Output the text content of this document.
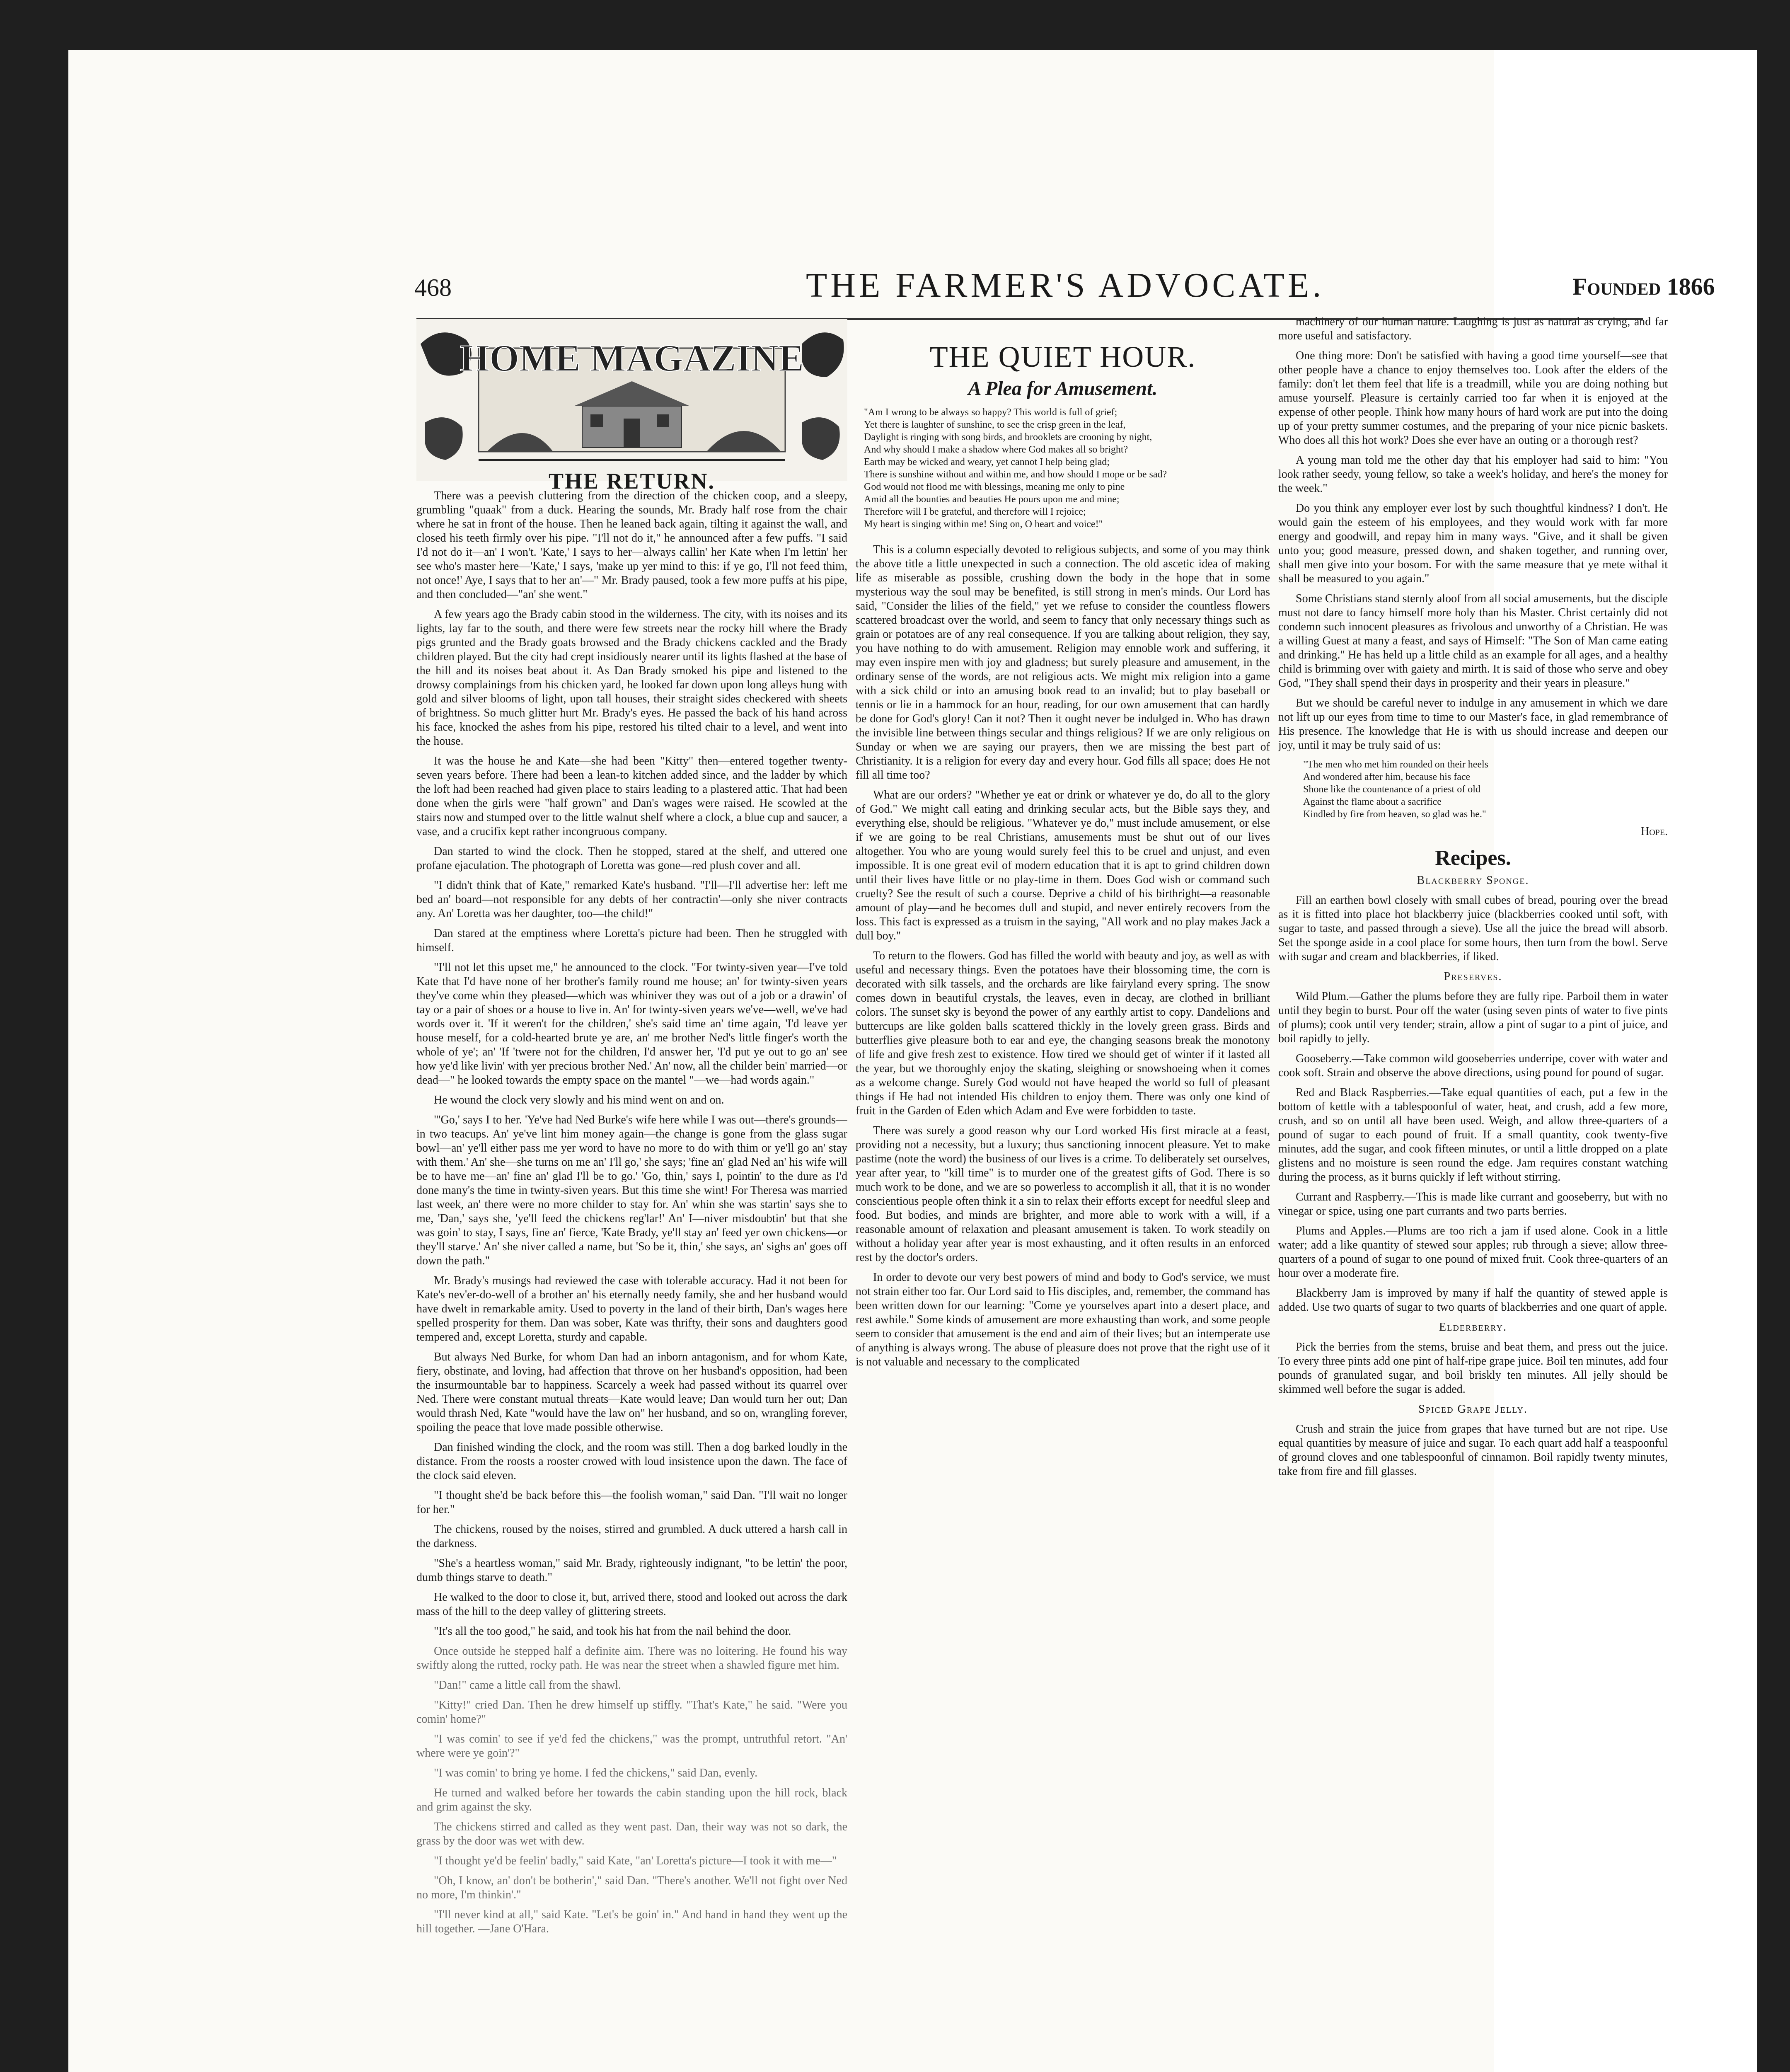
468	THE FARMER'S ADVOCATE.	Founded 1866
HOME MAGAZINE
THE RETURN.

There was a peevish cluttering from the direction of the chicken coop, and a sleepy, grumbling "quaak" from a duck. Hearing the sounds, Mr. Brady half rose from the chair where he sat in front of the house. Then he leaned back again, tilting it against the wall, and closed his teeth firmly over his pipe. "I'll not do it," he announced after a few puffs. "I said I'd not do it—an' I won't. 'Kate,' I says to her—always callin' her Kate when I'm lettin' her see who's master here—'Kate,' I says, 'make up yer mind to this: if ye go, I'll not feed thim, not once!' Aye, I says that to her an'—" Mr. Brady paused, took a few more puffs at his pipe, and then concluded—"an' she went."

A few years ago the Brady cabin stood in the wilderness. The city, with its noises and its lights, lay far to the south, and there were few streets near the rocky hill where the Brady pigs grunted and the Brady goats browsed and the Brady chickens cackled and the Brady children played. But the city had crept insidiously nearer until its lights flashed at the base of the hill and its noises beat about it. As Dan Brady smoked his pipe and listened to the drowsy complainings from his chicken yard, he looked far down upon long alleys hung with gold and silver blooms of light, upon tall houses, their straight sides checkered with sheets of brightness. So much glitter hurt Mr. Brady's eyes. He passed the back of his hand across his face, knocked the ashes from his pipe, restored his tilted chair to a level, and went into the house.

It was the house he and Kate—she had been "Kitty" then—entered together twenty-seven years before. There had been a lean-to kitchen added since, and the ladder by which the loft had been reached had given place to stairs leading to a plastered attic. That had been done when the girls were "half grown" and Dan's wages were raised. He scowled at the stairs now and stumped over to the little walnut shelf where a clock, a blue cup and saucer, a vase, and a crucifix kept rather incongruous company.

Dan started to wind the clock. Then he stopped, stared at the shelf, and uttered one profane ejaculation. The photograph of Loretta was gone—red plush cover and all.

"I didn't think that of Kate," remarked Kate's husband. "I'll—I'll advertise her: left me bed an' board—not responsible for any debts of her contractin'—only she niver contracts any. An' Loretta was her daughter, too—the child!"

Dan stared at the emptiness where Loretta's picture had been. Then he struggled with himself.

"I'll not let this upset me," he announced to the clock. "For twinty-siven year—I've told Kate that I'd have none of her brother's family round me house; an' for twinty-siven years they've come whin they pleased—which was whiniver they was out of a job or a drawin' of tay or a pair of shoes or a house to live in. An' for twinty-siven years we've—well, we've had words over it. 'If it weren't for the children,' she's said time an' time again, 'I'd leave yer house meself, for a cold-hearted brute ye are, an' me brother Ned's little finger's worth the whole of ye'; an' 'If 'twere not for the children, I'd answer her, 'I'd put ye out to go an' see how ye'd like livin' with yer precious brother Ned.' An' now, all the childer bein' married—or dead—" he looked towards the empty space on the mantel "—we—had words again."

He wound the clock very slowly and his mind went on and on.

"'Go,' says I to her. 'Ye've had Ned Burke's wife here while I was out—there's grounds—in two teacups. An' ye've lint him money again—the change is gone from the glass sugar bowl—an' ye'll either pass me yer word to have no more to do with thim or ye'll go an' stay with them.' An' she—she turns on me an' I'll go,' she says; 'fine an' glad Ned an' his wife will be to have me—an' fine an' glad I'll be to go.' 'Go, thin,' says I, pointin' to the dure as I'd done many's the time in twinty-siven years. But this time she wint! For Theresa was married last week, an' there were no more childer to stay for. An' whin she was startin' says she to me, 'Dan,' says she, 'ye'll feed the chickens reg'lar!' An' I—niver misdoubtin' but that she was goin' to stay, I says, fine an' fierce, 'Kate Brady, ye'll stay an' feed yer own chickens—or they'll starve.' An' she niver called a name, but 'So be it, thin,' she says, an' sighs an' goes off down the path."

Mr. Brady's musings had reviewed the case with tolerable accuracy. Had it not been for Kate's nev'er-do-well of a brother an' his eternally needy family, she and her husband would have dwelt in remarkable amity. Used to poverty in the land of their birth, Dan's wages here spelled prosperity for them. Dan was sober, Kate was thrifty, their sons and daughters good tempered and, except Loretta, sturdy and capable.

But always Ned Burke, for whom Dan had an inborn antagonism, and for whom Kate, fiery, obstinate, and loving, had affection that throve on her husband's opposition, had been the insurmountable bar to happiness. Scarcely a week had passed without its quarrel over Ned. There were constant mutual threats—Kate would leave; Dan would turn her out; Dan would thrash Ned, Kate "would have the law on" her husband, and so on, wrangling forever, spoiling the peace that love made possible otherwise.

Dan finished winding the clock, and the room was still. Then a dog barked loudly in the distance. From the roosts a rooster crowed with loud insistence upon the dawn. The face of the clock said eleven.

"I thought she'd be back before this—the foolish woman," said Dan. "I'll wait no longer for her."

The chickens, roused by the noises, stirred and grumbled. A duck uttered a harsh call in the darkness.

"She's a heartless woman," said Mr. Brady, righteously indignant, "to be lettin' the poor, dumb things starve to death."

He walked to the door to close it, but, arrived there, stood and looked out across the dark mass of the hill to the deep valley of glittering streets.

"It's all the too good," he said, and took his hat from the nail behind the door.

Once outside he stepped half a definite aim. There was no loitering. He found his way swiftly along the rutted, rocky path. He was near the street when a shawled figure met him.

"Dan!" came a little call from the shawl.

"Kitty!" cried Dan. Then he drew himself up stiffly. "That's Kate," he said. "Were you comin' home?"

"I was comin' to see if ye'd fed the chickens," was the prompt, untruthful retort. "An' where were ye goin'?"

"I was comin' to bring ye home. I fed the chickens," said Dan, evenly.

He turned and walked before her towards the cabin standing upon the hill rock, black and grim against the sky.

The chickens stirred and called as they went past. Dan, their way was not so dark, the grass by the door was wet with dew.

"I thought ye'd be feelin' badly," said Kate, "an' Loretta's picture—I took it with me—"

"Oh, I know, an' don't be botherin'," said Dan. "There's another. We'll not fight over Ned no more, I'm thinkin'."

"I'll never kind at all," said Kate. "Let's be goin' in." And hand in hand they went up the hill together. —Jane O'Hara.

THE QUIET HOUR.
A Plea for Amusement.
"Am I wrong to be always so happy? This world is full of grief;
Yet there is laughter of sunshine, to see the crisp green in the leaf,
Daylight is ringing with song birds, and brooklets are crooning by night,
And why should I make a shadow where God makes all so bright?
Earth may be wicked and weary, yet cannot I help being glad;
There is sunshine without and within me, and how should I mope or be sad?
God would not flood me with blessings, meaning me only to pine
Amid all the bounties and beauties He pours upon me and mine;
Therefore will I be grateful, and therefore will I rejoice;
My heart is singing within me! Sing on, O heart and voice!"

This is a column especially devoted to religious subjects, and some of you may think the above title a little unexpected in such a connection. The old ascetic idea of making life as miserable as possible, crushing down the body in the hope that in some mysterious way the soul may be benefited, is still strong in men's minds. Our Lord has said, "Consider the lilies of the field," yet we refuse to consider the countless flowers scattered broadcast over the world, and seem to fancy that only necessary things such as grain or potatoes are of any real consequence. If you are talking about religion, they say, you have nothing to do with amusement. Religion may ennoble work and suffering, it may even inspire men with joy and gladness; but surely pleasure and amusement, in the ordinary sense of the words, are not religious acts. We might mix religion into a game with a sick child or into an amusing book read to an invalid; but to play baseball or tennis or lie in a hammock for an hour, reading, for our own amusement that can hardly be done for God's glory! Can it not? Then it ought never be indulged in. Who has drawn the invisible line between things secular and things religious? If we are only religious on Sunday or when we are saying our prayers, then we are missing the best part of Christianity. It is a religion for every day and every hour. God fills all space; does He not fill all time too?

What are our orders? "Whether ye eat or drink or whatever ye do, do all to the glory of God." We might call eating and drinking secular acts, but the Bible says they, and everything else, should be religious. "Whatever ye do," must include amusement, or else if we are going to be real Christians, amusements must be shut out of our lives altogether. You who are young would surely feel this to be cruel and unjust, and even impossible. It is one great evil of modern education that it is apt to grind children down until their lives have little or no play-time in them. Does God wish or command such cruelty? See the result of such a course. Deprive a child of his birthright—a reasonable amount of play—and he becomes dull and stupid, and never entirely recovers from the loss. This fact is expressed as a truism in the saying, "All work and no play makes Jack a dull boy."

To return to the flowers. God has filled the world with beauty and joy, as well as with useful and necessary things. Even the potatoes have their blossoming time, the corn is decorated with silk tassels, and the orchards are like fairyland every spring. The snow comes down in beautiful crystals, the leaves, even in decay, are clothed in brilliant colors. The sunset sky is beyond the power of any earthly artist to copy. Dandelions and buttercups are like golden balls scattered thickly in the lovely green grass. Birds and butterflies give pleasure both to ear and eye, the changing seasons break the monotony of life and give fresh zest to existence. How tired we should get of winter if it lasted all the year, but we thoroughly enjoy the skating, sleighing or snowshoeing when it comes as a welcome change. Surely God would not have heaped the world so full of pleasant things if He had not intended His children to enjoy them. There was only one kind of fruit in the Garden of Eden which Adam and Eve were forbidden to taste.

There was surely a good reason why our Lord worked His first miracle at a feast, providing not a necessity, but a luxury; thus sanctioning innocent pleasure. Yet to make pastime (note the word) the business of our lives is a crime. To deliberately set ourselves, year after year, to "kill time" is to murder one of the greatest gifts of God. There is so much work to be done, and we are so powerless to accomplish it all, that it is no wonder conscientious people often think it a sin to relax their efforts except for needful sleep and food. But bodies, and minds are brighter, and more able to work with a will, if a reasonable amount of relaxation and pleasant amusement is taken. To work steadily on without a holiday year after year is most exhausting, and it often results in an enforced rest by the doctor's orders.

In order to devote our very best powers of mind and body to God's service, we must not strain either too far. Our Lord said to His disciples, and, remember, the command has been written down for our learning: "Come ye yourselves apart into a desert place, and rest awhile." Some kinds of amusement are more exhausting than work, and some people seem to consider that amusement is the end and aim of their lives; but an intemperate use of anything is always wrong. The abuse of pleasure does not prove that the right use of it is not valuable and necessary to the complicated

machinery of our human nature. Laughing is just as natural as crying, and far more useful and satisfactory.

One thing more: Don't be satisfied with having a good time yourself—see that other people have a chance to enjoy themselves too. Look after the elders of the family: don't let them feel that life is a treadmill, while you are doing nothing but amuse yourself. Pleasure is certainly carried too far when it is enjoyed at the expense of other people. Think how many hours of hard work are put into the doing up of your pretty summer costumes, and the preparing of your nice picnic baskets. Who does all this hot work? Does she ever have an outing or a thorough rest?

A young man told me the other day that his employer had said to him: "You look rather seedy, young fellow, so take a week's holiday, and here's the money for the week."

Do you think any employer ever lost by such thoughtful kindness? I don't. He would gain the esteem of his employees, and they would work with far more energy and goodwill, and repay him in many ways. "Give, and it shall be given unto you; good measure, pressed down, and shaken together, and running over, shall men give into your bosom. For with the same measure that ye mete withal it shall be measured to you again."

Some Christians stand sternly aloof from all social amusements, but the disciple must not dare to fancy himself more holy than his Master. Christ certainly did not condemn such innocent pleasures as frivolous and unworthy of a Christian. He was a willing Guest at many a feast, and says of Himself: "The Son of Man came eating and drinking." He has held up a little child as an example for all ages, and a healthy child is brimming over with gaiety and mirth. It is said of those who serve and obey God, "They shall spend their days in prosperity and their years in pleasure."

But we should be careful never to indulge in any amusement in which we dare not lift up our eyes from time to time to our Master's face, in glad remembrance of His presence. The knowledge that He is with us should increase and deepen our joy, until it may be truly said of us:

"The men who met him rounded on their heels
And wondered after him, because his face
Shone like the countenance of a priest of old
Against the flame about a sacrifice
Kindled by fire from heaven, so glad was he."

Hope.

Recipes.

Blackberry Sponge.

Fill an earthen bowl closely with small cubes of bread, pouring over the bread as it is fitted into place hot blackberry juice (blackberries cooked until soft, with sugar to taste, and passed through a sieve). Use all the juice the bread will absorb. Set the sponge aside in a cool place for some hours, then turn from the bowl. Serve with sugar and cream and blackberries, if liked.

Preserves.

Wild Plum.—Gather the plums before they are fully ripe. Parboil them in water until they begin to burst. Pour off the water (using seven pints of water to five pints of plums); cook until very tender; strain, allow a pint of sugar to a pint of juice, and boil rapidly to jelly.

Gooseberry.—Take common wild gooseberries underripe, cover with water and cook soft. Strain and observe the above directions, using pound for pound of sugar.

Red and Black Raspberries.—Take equal quantities of each, put a few in the bottom of kettle with a tablespoonful of water, heat, and crush, add a few more, crush, and so on until all have been used. Weigh, and allow three-quarters of a pound of sugar to each pound of fruit. If a small quantity, cook twenty-five minutes, add the sugar, and cook fifteen minutes, or until a little dropped on a plate glistens and no moisture is seen round the edge. Jam requires constant watching during the process, as it burns quickly if left without stirring.

Currant and Raspberry.—This is made like currant and gooseberry, but with no vinegar or spice, using one part currants and two parts berries.

Plums and Apples.—Plums are too rich a jam if used alone. Cook in a little water; add a like quantity of stewed sour apples; rub through a sieve; allow three-quarters of a pound of sugar to one pound of mixed fruit. Cook three-quarters of an hour over a moderate fire.

Blackberry Jam is improved by many if half the quantity of stewed apple is added. Use two quarts of sugar to two quarts of blackberries and one quart of apple.

Elderberry.

Pick the berries from the stems, bruise and beat them, and press out the juice. To every three pints add one pint of half-ripe grape juice. Boil ten minutes, add four pounds of granulated sugar, and boil briskly ten minutes. All jelly should be skimmed well before the sugar is added.

Spiced Grape Jelly.

Crush and strain the juice from grapes that have turned but are not ripe. Use equal quantities by measure of juice and sugar. To each quart add half a teaspoonful of ground cloves and one tablespoonful of cinnamon. Boil rapidly twenty minutes, take from fire and fill glasses.
